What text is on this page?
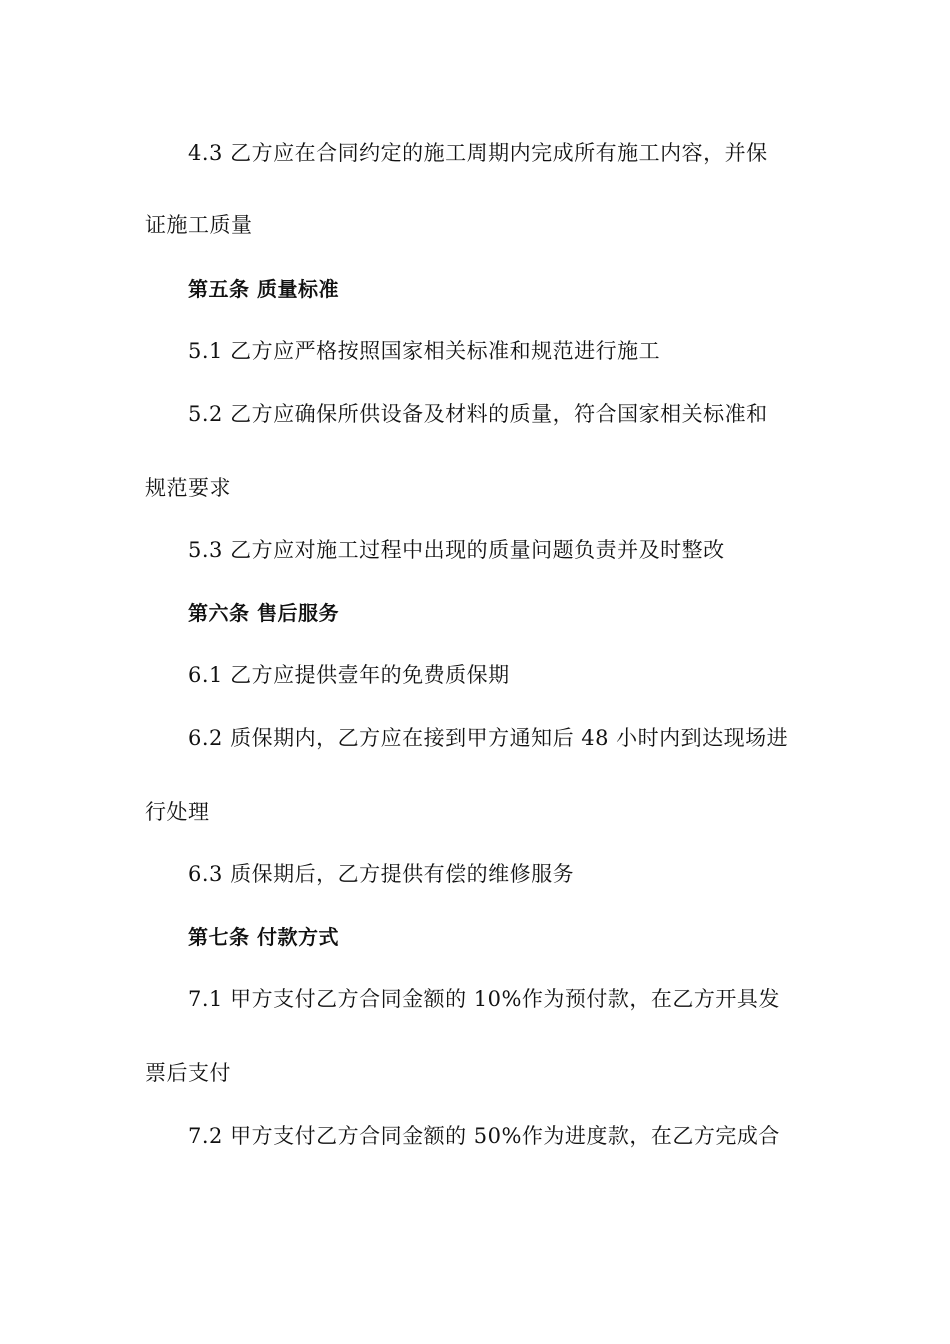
4.3 乙方应在合同约定的施工周期内完成所有施工内容，并保
证施工质量
第五条 质量标准
5.1 乙方应严格按照国家相关标准和规范进行施工
5.2 乙方应确保所供设备及材料的质量，符合国家相关标准和
规范要求
5.3 乙方应对施工过程中出现的质量问题负责并及时整改
第六条 售后服务
6.1 乙方应提供壹年的免费质保期
6.2 质保期内，乙方应在接到甲方通知后 48 小时内到达现场进
行处理
6.3 质保期后，乙方提供有偿的维修服务
第七条 付款方式
7.1 甲方支付乙方合同金额的 10%作为预付款，在乙方开具发
票后支付
7.2 甲方支付乙方合同金额的 50%作为进度款，在乙方完成合
